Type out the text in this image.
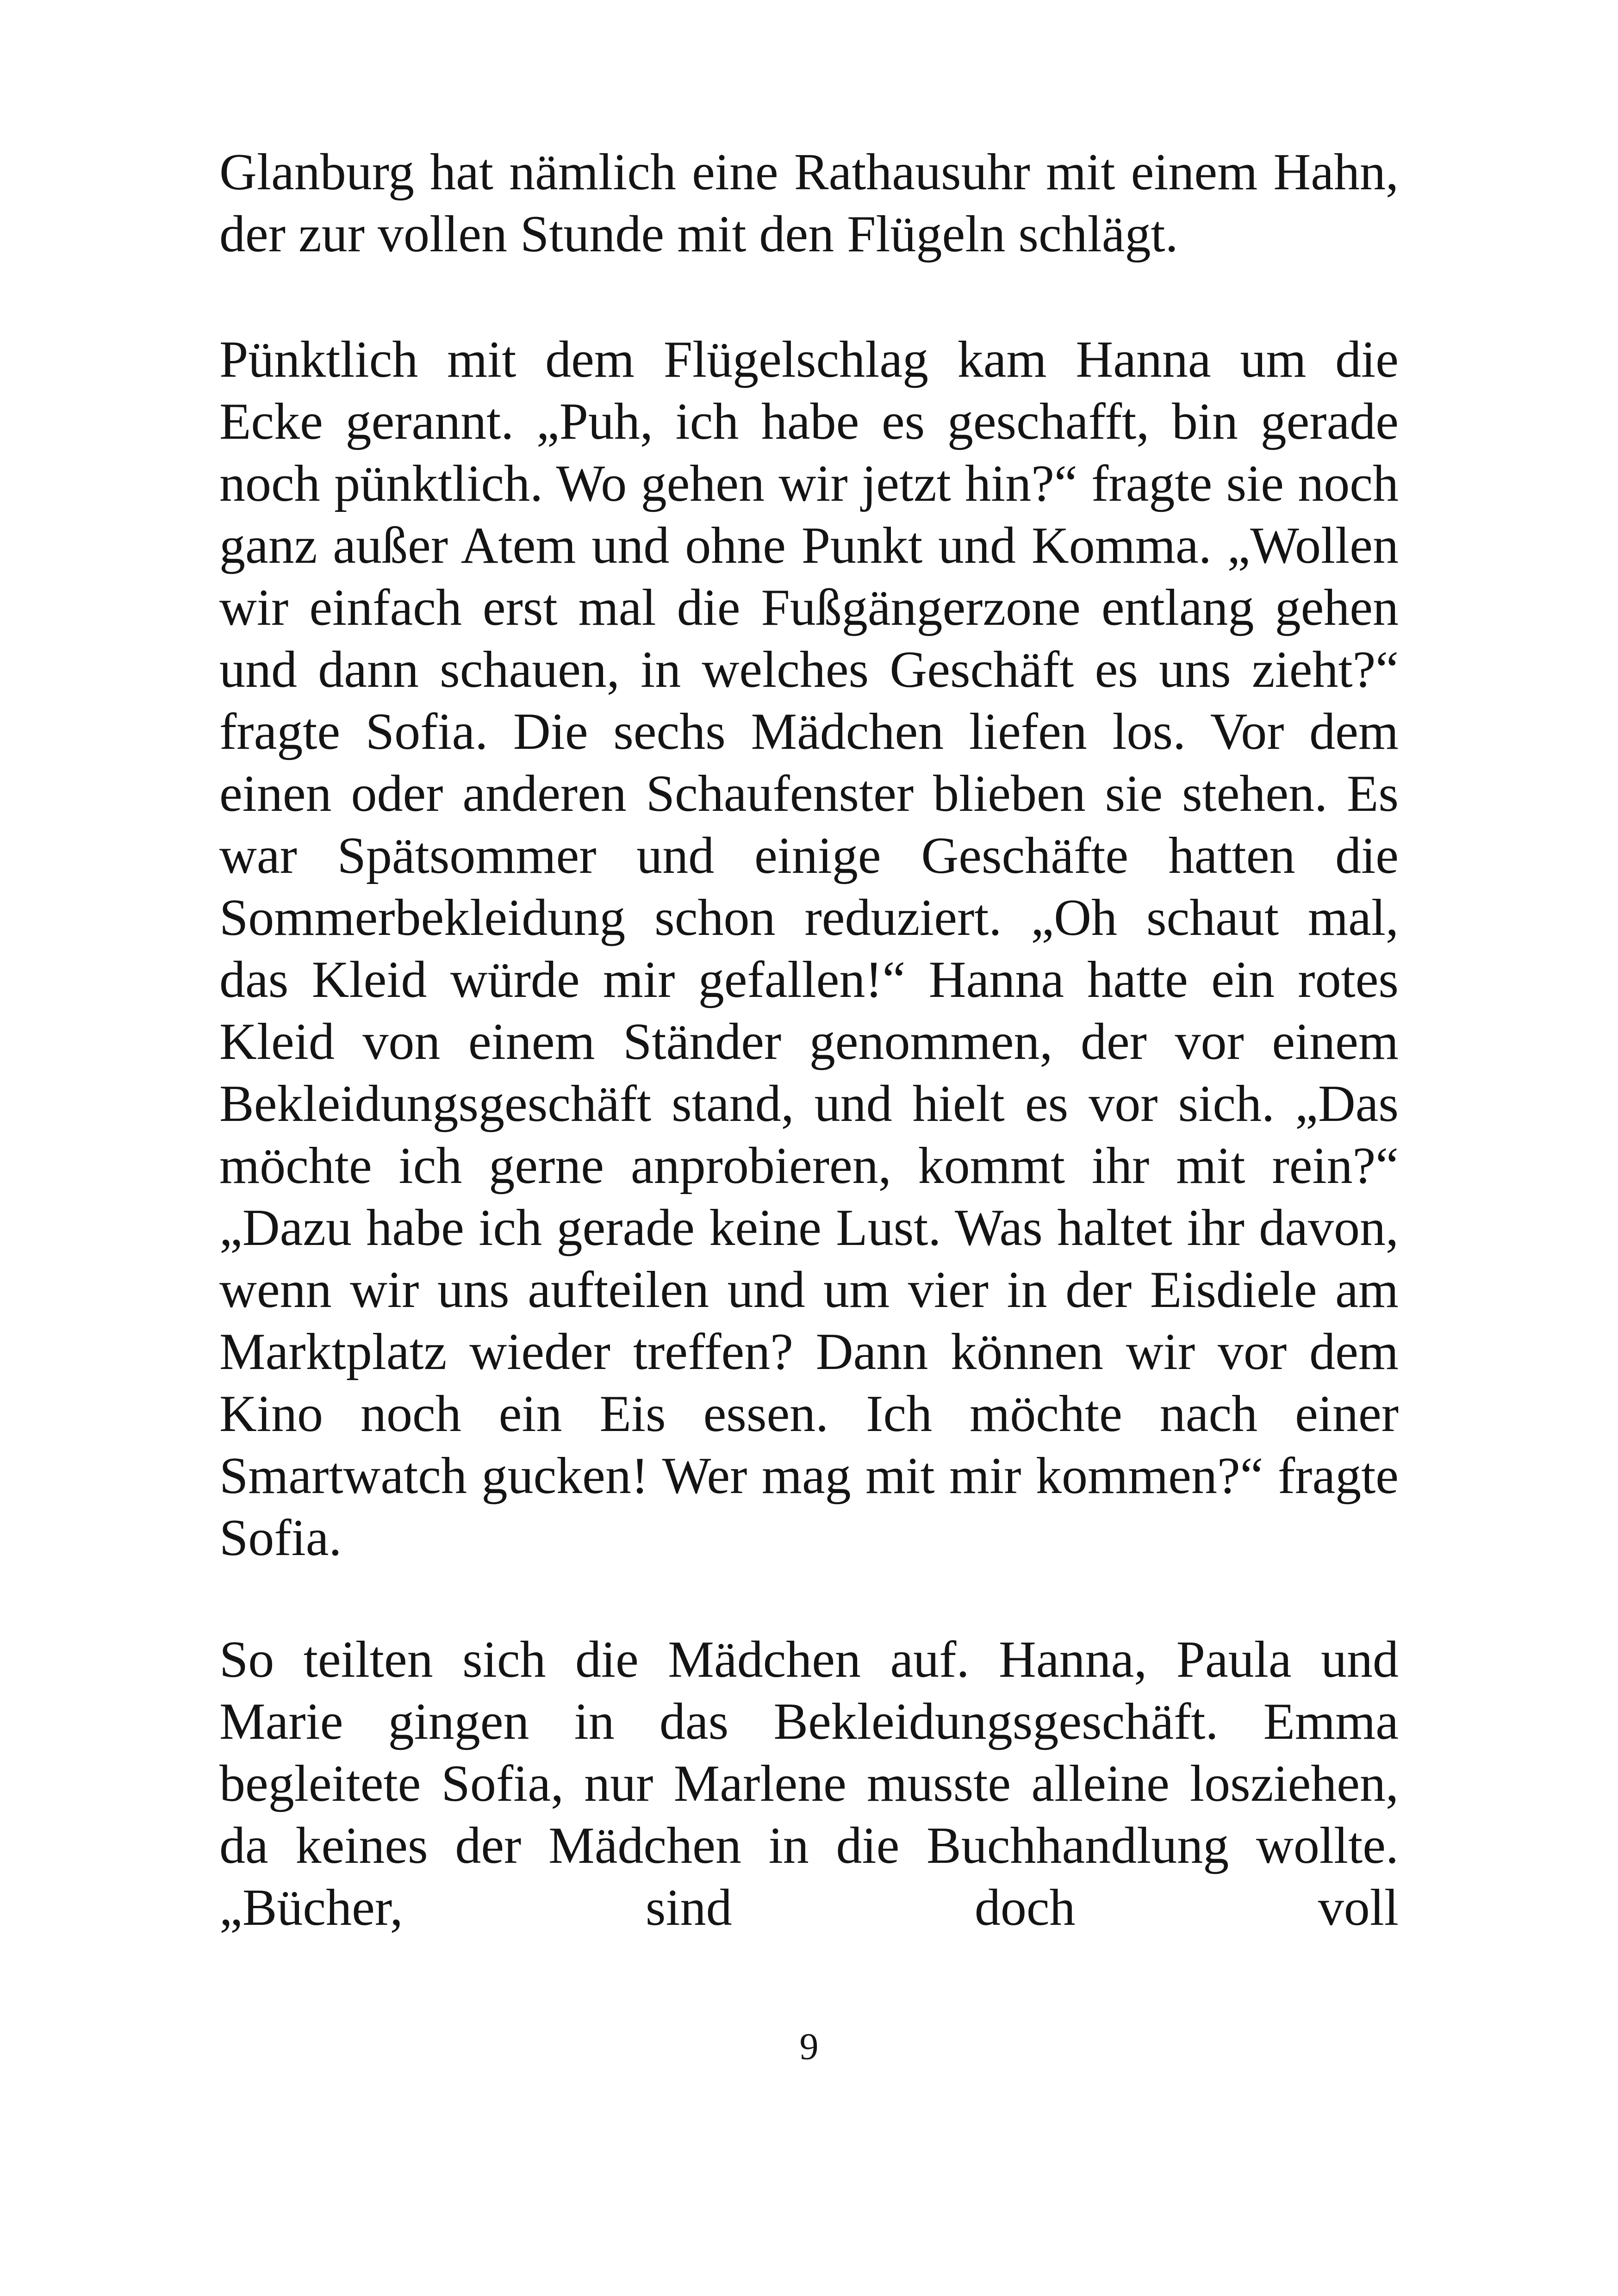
Glanburg hat nämlich eine Rathausuhr mit einem Hahn, der zur vollen Stunde mit den Flügeln schlägt.

Pünktlich mit dem Flügelschlag kam Hanna um die Ecke gerannt. „Puh, ich habe es geschafft, bin gerade noch pünktlich. Wo gehen wir jetzt hin?“ fragte sie noch ganz außer Atem und ohne Punkt und Komma. „Wollen wir einfach erst mal die Fußgängerzone entlang gehen und dann schauen, in welches Geschäft es uns zieht?“ fragte Sofia. Die sechs Mädchen liefen los. Vor dem einen oder anderen Schaufenster blieben sie stehen. Es war Spätsommer und einige Geschäfte hatten die Sommerbekleidung schon reduziert. „Oh schaut mal, das Kleid würde mir gefallen!“ Hanna hatte ein rotes Kleid von einem Ständer genommen, der vor einem Bekleidungsgeschäft stand, und hielt es vor sich. „Das möchte ich gerne anprobieren, kommt ihr mit rein?“ „Dazu habe ich gerade keine Lust. Was haltet ihr davon, wenn wir uns aufteilen und um vier in der Eisdiele am Marktplatz wieder treffen? Dann können wir vor dem Kino noch ein Eis essen. Ich möchte nach einer Smartwatch gucken! Wer mag mit mir kommen?“ fragte Sofia.

So teilten sich die Mädchen auf. Hanna, Paula und Marie gingen in das Bekleidungsgeschäft. Emma begleitete Sofia, nur Marlene musste alleine losziehen, da keines der Mädchen in die Buchhandlung wollte. „Bücher, sind doch voll

9
